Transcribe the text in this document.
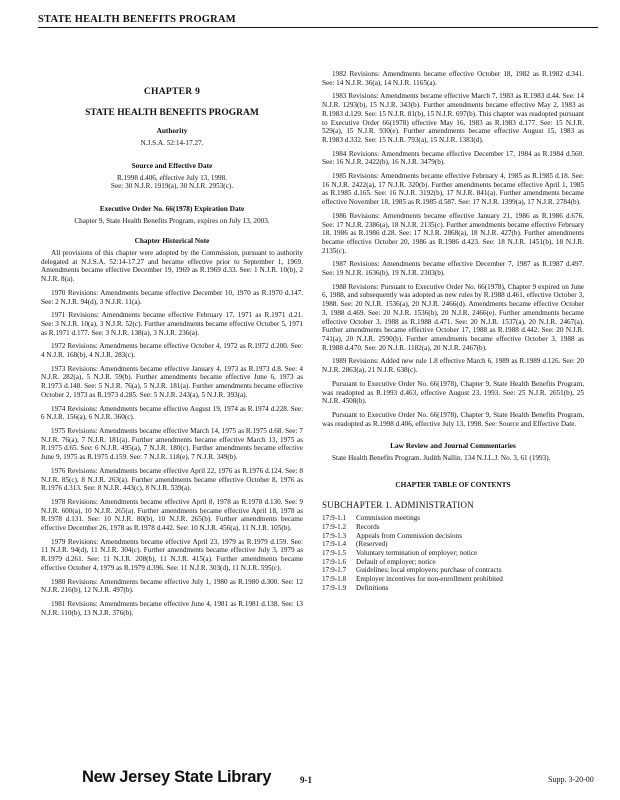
STATE HEALTH BENEFITS PROGRAM
CHAPTER 9
STATE HEALTH BENEFITS PROGRAM
Authority
N.J.S.A. 52:14-17.27.
Source and Effective Date
R.1998 d.406, effective July 13, 1998.
See: 30 N.J.R. 1919(a), 30 N.J.R. 2953(c).
Executive Order No. 66(1978) Expiration Date
Chapter 9, State Health Benefits Program, expires on July 13, 2003.
Chapter Historical Note
All provisions of this chapter were adopted by the Commission, pursuant to authority delegated at N.J.S.A. 52:14-17.27 and became effective prior to September 1, 1969. Amendments became effective December 19, 1969 as R.1969 d.33. See: 1 N.J.R. 10(b), 2 N.J.R. 8(a).
1970 Revisions: Amendments became effective December 10, 1970 as R.1970 d.147. See: 2 N.J.R. 94(d), 3 N.J.R. 11(a).
1971 Revisions: Amendments became effective February 17, 1971 as R.1971 d.21. See: 3 N.J.R. 10(a), 3 N.J.R. 52(c). Further amendments became effective October 5, 1971 as R.1971 d.177. See: 3 N.J.R. 138(a), 3 N.J.R. 236(a).
1972 Revisions: Amendments became effective October 4, 1972 as R.1972 d.200. See: 4 N.J.R. 168(b), 4 N.J.R. 283(c).
1973 Revisions: Amendments became effective January 4, 1973 as R.1973 d.8. See: 4 N.J.R. 282(a), 5 N.J.R. 59(b). Further amendments became effective June 6, 1973 as R.1973 d.148. See: 5 N.J.R. 76(a), 5 N.J.R. 181(a). Further amendments became effective October 2, 1973 as R.1973 d.285. See: 5 N.J.R. 243(a), 5 N.J.R. 393(a).
1974 Revisions: Amendments became effective August 19, 1974 as R.1974 d.228. See: 6 N.J.R. 156(a), 6 N.J.R. 360(c).
1975 Revisions: Amendments became effective March 14, 1975 as R.1975 d.68. See: 7 N.J.R. 76(a), 7 N.J.R. 181(a). Further amendments became effective March 13, 1975 as R.1975 d.65. See: 6 N.J.R. 495(a), 7 N.J.R. 180(c). Further amendments became effective June 9, 1975 as R.1975 d.159. See: 7 N.J.R. 118(e), 7 N.J.R. 349(b).
1976 Revisions: Amendments became effective April 22, 1976 as R.1976 d.124. See: 8 N.J.R. 85(c), 8 N.J.R. 263(a). Further amendments became effective October 8, 1976 as R.1976 d.313. See: 8 N.J.R. 443(c), 8 N.J.R. 539(a).
1978 Revisions: Amendments became effective April 8, 1978 as R.1978 d.130. See: 9 N.J.R. 600(a), 10 N.J.R. 265(a). Further amendments became effective April 18, 1978 as R.1978 d.131. See: 10 N.J.R. 80(b), 10 N.J.R. 265(b). Further amendments became effective December 26, 1978 as R.1978 d.442. See: 10 N.J.R. 456(a), 11 N.J.R. 105(b).
1979 Revisions: Amendments became effective April 23, 1979 as R.1979 d.159. See: 11 N.J.R. 94(d), 11 N.J.R. 304(c). Further amendments became effective July 3, 1979 as R.1979 d.261. See: 11 N.J.R. 208(b), 11 N.J.R. 415(a). Further amendments became effective October 4, 1979 as R.1979 d.396. See: 11 N.J.R. 303(d), 11 N.J.R. 595(c).
1980 Revisions: Amendments became effective July 1, 1980 as R.1980 d.300. See: 12 N.J.R. 216(b), 12 N.J.R. 497(b).
1981 Revisions: Amendments became effective June 4, 1981 as R.1981 d.138. See: 13 N.J.R. 110(b), 13 N.J.R. 376(b).
1982 Revisions: Amendments became effective October 18, 1982 as R.1982 d.341. See: 14 N.J.R. 36(a), 14 N.J.R. 1165(a).
1983 Revisions: Amendments became effective March 7, 1983 as R.1983 d.44. See: 14 N.J.R. 1293(b), 15 N.J.R. 343(b). Further amendments became effective May 2, 1983 as R.1983 d.129. See: 15 N.J.R. 81(b), 15 N.J.R. 697(b). This chapter was readopted pursuant to Executive Order 66(1978) effective May 16, 1983 as R.1983 d.177. See: 15 N.J.R. 529(a), 15 N.J.R. 930(e). Further amendments became effective August 15, 1983 as R.1983 d.332. See: 15 N.J.R. 793(a), 15 N.J.R. 1383(d).
1984 Revisions: Amendments became effective December 17, 1984 as R.1984 d.560. See: 16 N.J.R. 2422(b), 16 N.J.R. 3479(b).
1985 Revisions: Amendments became effective February 4, 1985 as R.1985 d.18. See: 16 N.J.R. 2422(a), 17 N.J.R. 320(b). Further amendments became effective April 1, 1985 as R.1985 d.165. See: 16 N.J.R. 3192(b), 17 N.J.R. 841(a). Further amendments became effective November 18, 1985 as R.1985 d.587. See: 17 N.J.R. 1399(a), 17 N.J.R. 2784(b).
1986 Revisions: Amendments became effective January 21, 1986 as R.1986 d.676. See: 17 N.J.R. 2386(a), 18 N.J.R. 2135(c). Further amendments became effective February 18, 1986 as R.1986 d.28. See: 17 N.J.R. 2868(a), 18 N.J.R. 427(b). Further amendments became effective October 20, 1986 as R.1986 d.423. See: 18 N.J.R. 1451(b), 18 N.J.R. 2135(c).
1987 Revisions: Amendments became effective December 7, 1987 as R.1987 d.497. See: 19 N.J.R. 1636(b), 19 N.J.R. 2303(b).
1988 Revisions: Pursuant to Executive Order No. 66(1978), Chapter 9 expired on June 6, 1988, and subsequently was adopted as new rules by R.1988 d.461, effective October 3, 1988. See: 20 N.J.R. 1536(a), 20 N.J.R. 2466(d). Amendments became effective October 3, 1988 d.469. See: 20 N.J.R. 1536(b), 20 N.J.R. 2466(e). Further amendments became effective October 3, 1988 as R.1988 d.471. See: 20 N.J.R. 1537(a), 20 N.J.R. 2467(a). Further amendments became effective October 17, 1988 as R.1988 d.442. See: 20 N.J.R. 741(a), 20 N.J.R. 2590(b). Further amendments became effective October 3, 1988 as R.1988 d.470. See: 20 N.J.R. 1182(a), 20 N.J.R. 2467(b).
1989 Revisions: Added new rule 1.8 effective March 6, 1989 as R.1989 d.126. See: 20 N.J.R. 2863(a), 21 N.J.R. 638(c).
Pursuant to Executive Order No. 66(1978), Chapter 9, State Health Benefits Program, was readopted as R.1993 d.463, effective August 23, 1993. See: 25 N.J.R. 2651(b), 25 N.J.R. 4508(b).
Pursuant to Executive Order No. 66(1978), Chapter 9, State Health Benefits Program, was readopted as R.1998 d.406, effective July 13, 1998. See: Source and Effective Date.
Law Review and Journal Commentaries
State Health Benefits Program. Judith Nallin, 134 N.J.L.J. No. 3, 61 (1993).
CHAPTER TABLE OF CONTENTS
SUBCHAPTER 1. ADMINISTRATION
17:9-1.1	Commission meetings
17:9-1.2	Records
17:9-1.3	Appeals from Commission decisions
17:9-1.4	(Reserved)
17:9-1.5	Voluntary termination of employer; notice
17:9-1.6	Default of employer; notice
17:9-1.7	Guidelines; local employers; purchase of contracts
17:9-1.8	Employer incentives for non-enrollment prohibited
17:9-1.9	Definitions
New Jersey State Library	9-1	Supp. 3-20-00
